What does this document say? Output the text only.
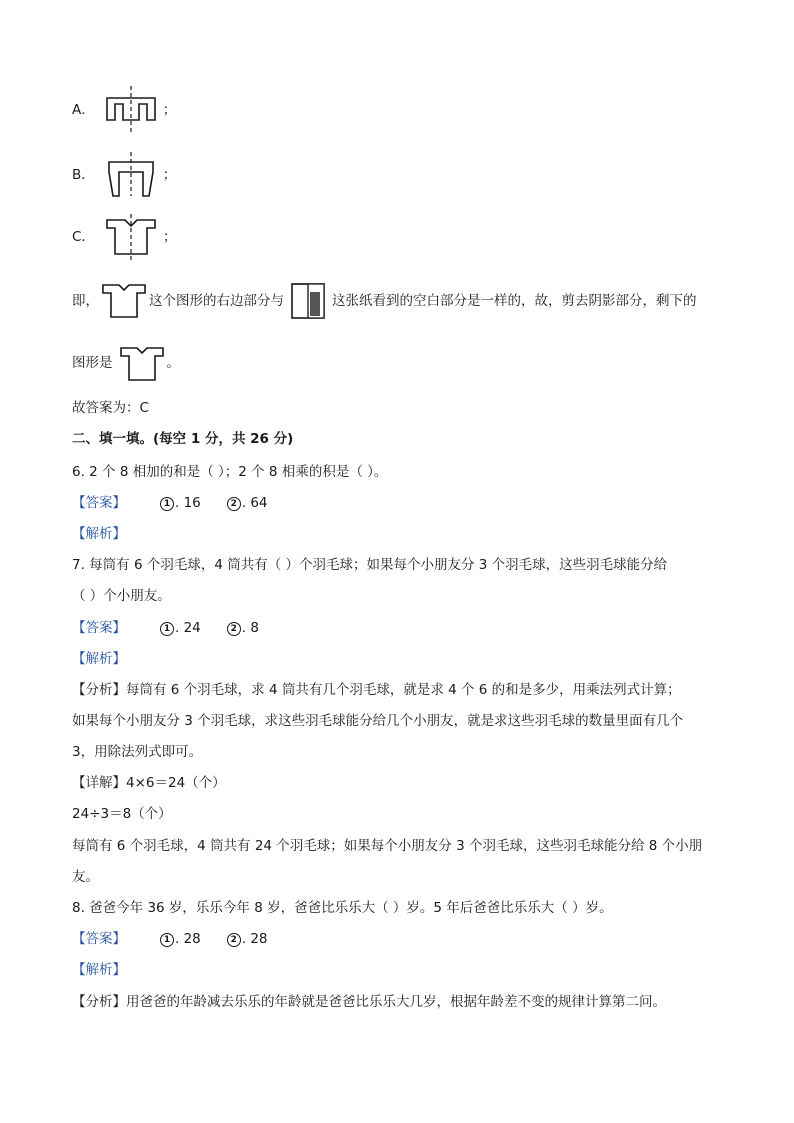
A．	；
B．	；
C．	；
即，	这个图形的右边部分与	这张纸看到的空白部分是一样的，故，剪去阴影部分，剩下的
图形是	。
故答案为：C
二、填一填。(每空 1 分，共 26 分)
6. 2 个 8 相加的和是（ ）；2 个 8 相乘的积是（ ）。
【答案】	1 . 16	2 . 64
【解析】
7. 每筒有 6 个羽毛球，4 筒共有（ ）个羽毛球；如果每个小朋友分 3 个羽毛球，这些羽毛球能分给
（ ）个小朋友。
【答案】	1 . 24	2 . 8
【解析】
【分析】每筒有 6 个羽毛球，求 4 筒共有几个羽毛球，就是求 4 个 6 的和是多少，用乘法列式计算；
如果每个小朋友分 3 个羽毛球，求这些羽毛球能分给几个小朋友，就是求这些羽毛球的数量里面有几个
3，用除法列式即可。
【详解】4×6＝24（个）
24÷3＝8（个）
每筒有 6 个羽毛球，4 筒共有 24 个羽毛球；如果每个小朋友分 3 个羽毛球，这些羽毛球能分给 8 个小朋
友。
8. 爸爸今年 36 岁，乐乐今年 8 岁，爸爸比乐乐大（ ）岁。5 年后爸爸比乐乐大（ ）岁。
【答案】	1 . 28	2 . 28
【解析】
【分析】用爸爸的年龄减去乐乐的年龄就是爸爸比乐乐大几岁，根据年龄差不变的规律计算第二问。
